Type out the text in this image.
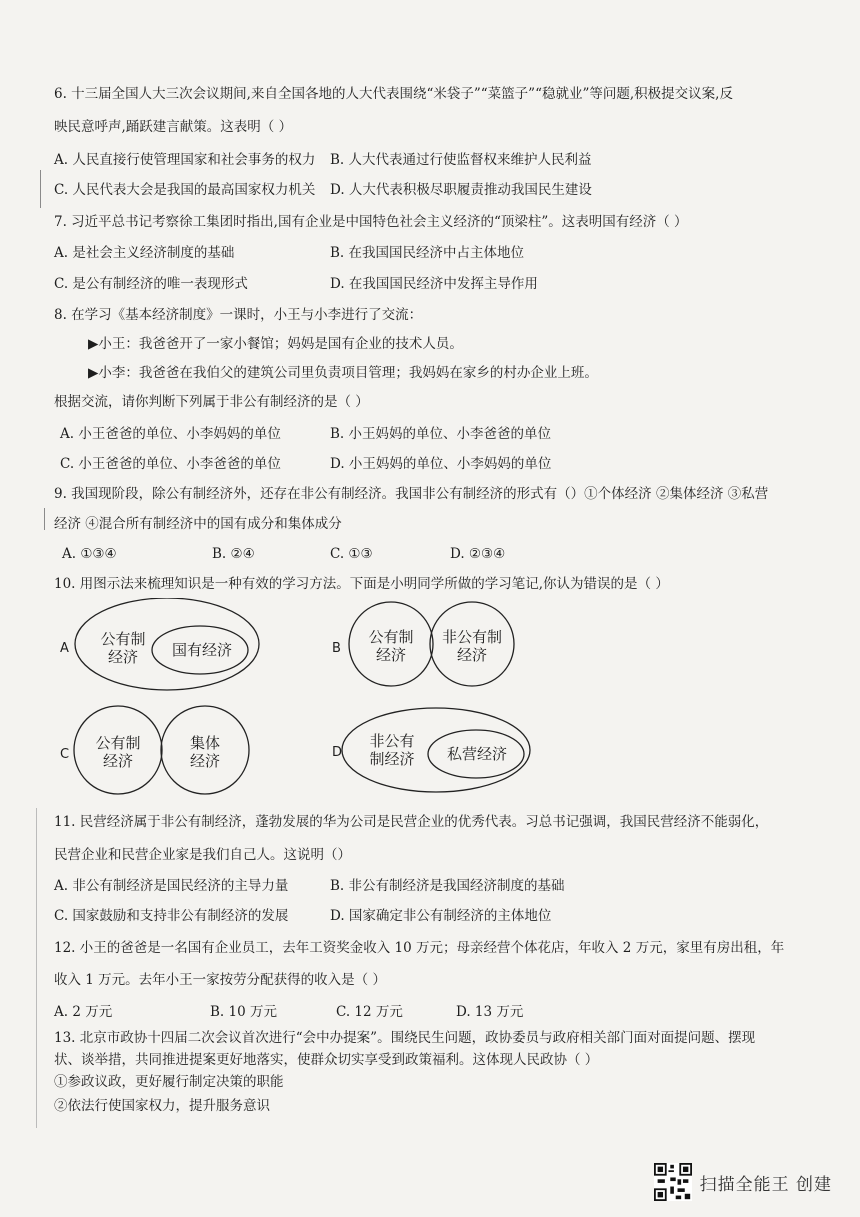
6. 十三届全国人大三次会议期间,来自全国各地的人大代表围绕“米袋子”“菜篮子”“稳就业”等问题,积极提交议案,反
映民意呼声,踊跃建言献策。这表明（ ）
A. 人民直接行使管理国家和社会事务的权力 B. 人大代表通过行使监督权来维护人民利益
C. 人民代表大会是我国的最高国家权力机关 D. 人大代表积极尽职履责推动我国民生建设
7. 习近平总书记考察徐工集团时指出,国有企业是中国特色社会主义经济的“顶梁柱”。这表明国有经济（ ）
A. 是社会主义经济制度的基础	B. 在我国国民经济中占主体地位
C. 是公有制经济的唯一表现形式	D. 在我国国民经济中发挥主导作用
8. 在学习《基本经济制度》一课时，小王与小李进行了交流：
▶小王：我爸爸开了一家小餐馆；妈妈是国有企业的技术人员。
▶小李：我爸爸在我伯父的建筑公司里负责项目管理；我妈妈在家乡的村办企业上班。
根据交流，请你判断下列属于非公有制经济的是（ ）
A. 小王爸爸的单位、小李妈妈的单位	B. 小王妈妈的单位、小李爸爸的单位
C. 小王爸爸的单位、小李爸爸的单位	D. 小王妈妈的单位、小李妈妈的单位
9. 我国现阶段，除公有制经济外，还存在非公有制经济。我国非公有制经济的形式有（）①个体经济 ②集体经济 ③私营
经济 ④混合所有制经济中的国有成分和集体成分
A. ①③④	B. ②④	C. ①③	D. ②③④
10. 用图示法来梳理知识是一种有效的学习方法。下面是小明同学所做的学习笔记,你认为错误的是（ ）
A
公有制
经济 国有经济	B
公有制
经济
非公有制
经济
C
公有制
经济
集体
经济	D
非公有
制经济 私营经济
11. 民营经济属于非公有制经济，蓬勃发展的华为公司是民营企业的优秀代表。习总书记强调，我国民营经济不能弱化，
民营企业和民营企业家是我们自己人。这说明（）
A. 非公有制经济是国民经济的主导力量	B. 非公有制经济是我国经济制度的基础
C. 国家鼓励和支持非公有制经济的发展	D. 国家确定非公有制经济的主体地位
12. 小王的爸爸是一名国有企业员工，去年工资奖金收入 10 万元；母亲经营个体花店，年收入 2 万元，家里有房出租，年
收入 1 万元。去年小王一家按劳分配获得的收入是（ ）
A. 2 万元	B. 10 万元	C. 12 万元	D. 13 万元
13. 北京市政协十四届二次会议首次进行“会中办提案”。围绕民生问题，政协委员与政府相关部门面对面提问题、摆现
状、谈举措，共同推进提案更好地落实，使群众切实享受到政策福利。这体现人民政协（ ）
①参政议政，更好履行制定决策的职能
②依法行使国家权力，提升服务意识
扫描全能王 创建
